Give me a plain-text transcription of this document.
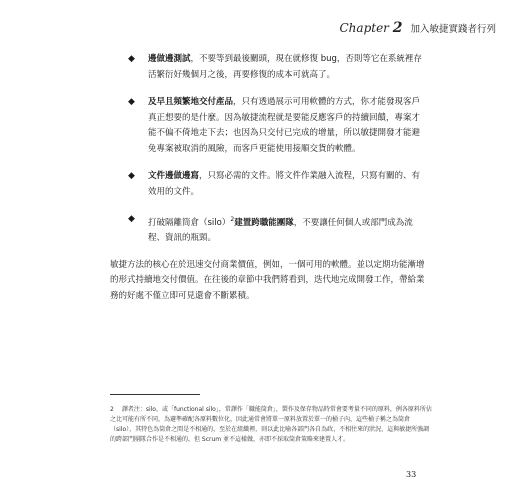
Chapter 2 加入敏捷實踐者行列
◆ 邊做邊測試，不要等到最後關頭，現在就修復 bug，否則等它在系統裡存活繁衍好幾個月之後，再要修復的成本可就高了。
◆ 及早且頻繁地交付產品，只有透過展示可用軟體的方式，你才能發現客戶真正想要的是什麼。因為敏捷流程就是要能反應客戶的持續回饋，專案才能不偏不倚地走下去；也因為只交付已完成的增量，所以敏捷開發才能避免專案被取消的風險，而客戶更能使用接順交貨的軟體。
◆ 文件邊做邊寫，只寫必需的文件。將文件作業融入流程，只寫有關的、有效用的文件。
◆ 打破隔離筒倉（silo）$^2$建置跨職能團隊，不要讓任何個人或部門成為流程、資訊的瓶頸。

敏捷方法的核心在於迅速交付商業價值，例如，一個可用的軟體。並以定期功能漸增的形式持續地交付價值。在往後的章節中我們將看到，迭代地完成開發工作，帶給業務的好處不僅立即可見還會不斷累積。

2 譯者注：silo，或「functional silo」，常譯作「職能筒倉」，製作及保存物品時常會要考量不同的原料，例各原料所佔之比可能有所不同，為避準確配各原料數位化，因此通常會將單一原料放置於單一的桶子內，這些桶子稱之為筒倉（silo），其特色為筒倉之間是不相通的，至於在組織裡，則以此比喻各部門各自為政、不相往來的狀況，這與敏捷所強調的跨部門團隊合作是不相通的，但 Scrum 並不這樣做，亦即不採取筒倉策略來建置人才。
33
